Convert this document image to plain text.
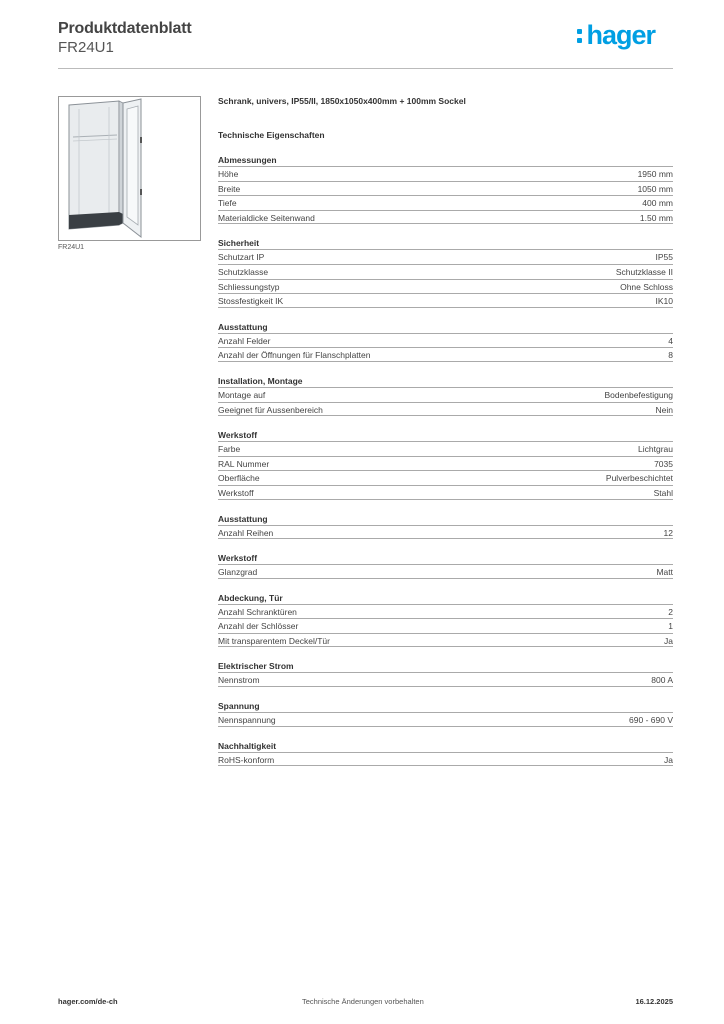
Produktdatenblatt
FR24U1	hager
FR24U1
Schrank, univers, IP55/II, 1850x1050x400mm + 100mm Sockel
Technische Eigenschaften
Abmessungen
Höhe	1950 mm
Breite	1050 mm
Tiefe	400 mm
Materialdicke Seitenwand	1.50 mm
Sicherheit
Schutzart IP	IP55
Schutzklasse	Schutzklasse II
Schliessungstyp	Ohne Schloss
Stossfestigkeit IK	IK10
Ausstattung
Anzahl Felder	4
Anzahl der Öffnungen für Flanschplatten	8
Installation, Montage
Montage auf	Bodenbefestigung
Geeignet für Aussenbereich	Nein
Werkstoff
Farbe	Lichtgrau
RAL Nummer	7035
Oberfläche	Pulverbeschichtet
Werkstoff	Stahl
Ausstattung
Anzahl Reihen	12
Werkstoff
Glanzgrad	Matt
Abdeckung, Tür
Anzahl Schranktüren	2
Anzahl der Schlösser	1
Mit transparentem Deckel/Tür	Ja
Elektrischer Strom
Nennstrom	800 A
Spannung
Nennspannung	690 - 690 V
Nachhaltigkeit
RoHS-konform	Ja
hager.com/de-ch	Technische Änderungen vorbehalten	16.12.2025
